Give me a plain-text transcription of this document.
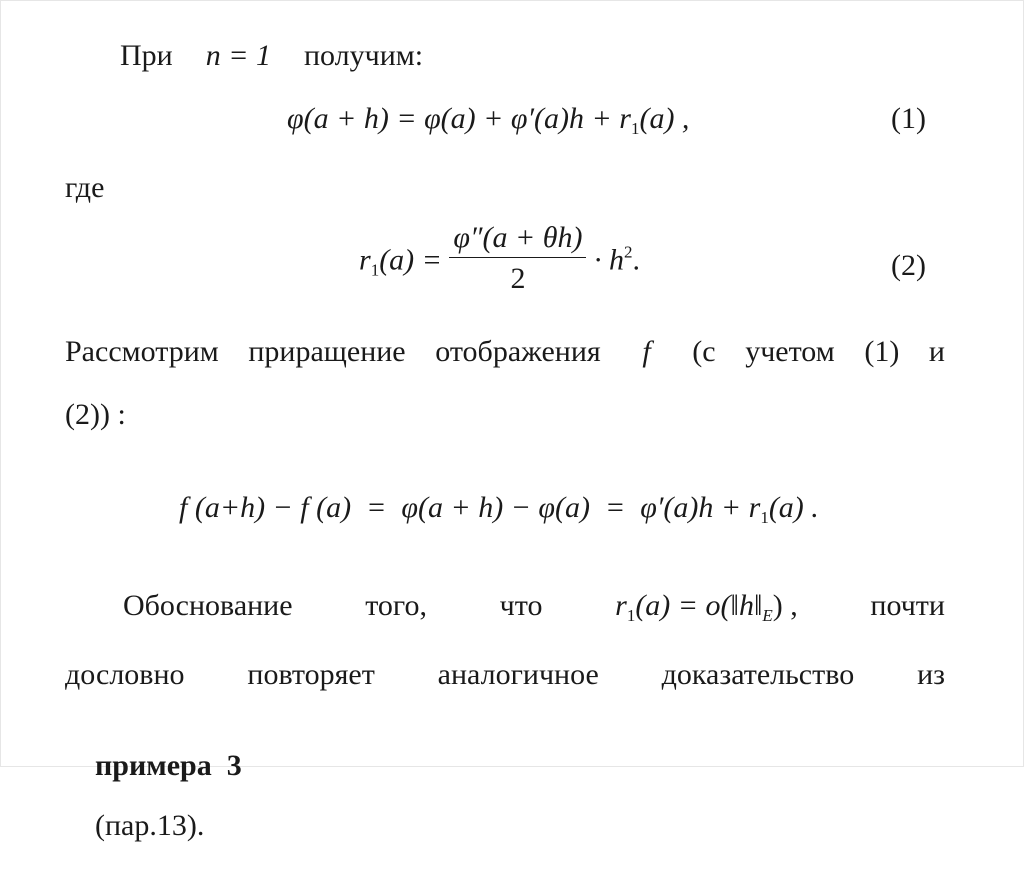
При n = 1 получим:
$\varphi(a + h) = \varphi(a) + \varphi'(a)h + r_1(a)$ ,	(1)
где
$r_1(a) = \frac{\varphi''(a + \theta h)}{2} \cdot h^2$.	(2)
Рассмотрим приращение отображения f (с учетом (1) и
(2)) :

f (a+h) − f $(a) = \varphi(a + h) - \varphi(a) = \varphi'(a)h + r_1(a)$ .

Обоснование того, что $r_1(a)$ = $o(‖h‖_E)$ , почти
дословно повторяет аналогичное доказательство из

примера  3

(пар.13).
